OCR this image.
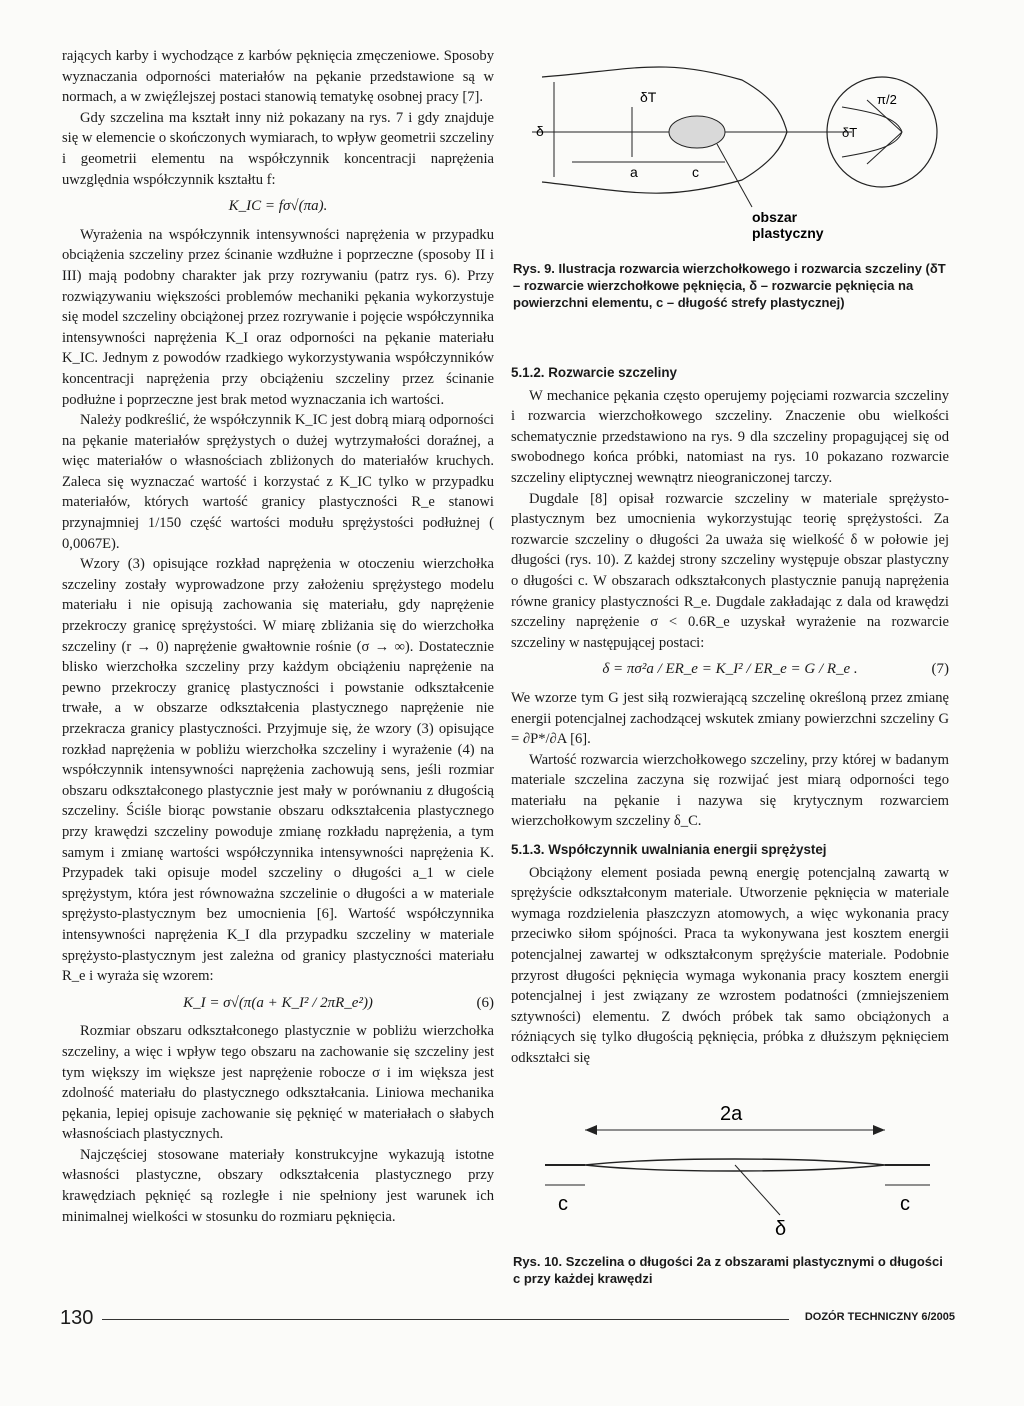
rających karby i wychodzące z karbów pęknięcia zmęczeniowe. Sposoby wyznaczania odporności materiałów na pękanie przedstawione są w normach, a w zwięźlejszej postaci stanowią tematykę osobnej pracy [7].

Gdy szczelina ma kształt inny niż pokazany na rys. 7 i gdy znajduje się w elemencie o skończonych wymiarach, to wpływ geometrii szczeliny i geometrii elementu na współczynnik koncentracji naprężenia uwzględnia współczynnik kształtu f:

K_IC = fσ√(πa).

Wyrażenia na współczynnik intensywności naprężenia w przypadku obciążenia szczeliny przez ścinanie wzdłużne i poprzeczne (sposoby II i III) mają podobny charakter jak przy rozrywaniu (patrz rys. 6). Przy rozwiązywaniu większości problemów mechaniki pękania wykorzystuje się model szczeliny obciążonej przez rozrywanie i pojęcie współczynnika intensywności naprężenia K_I oraz odporności na pękanie materiału K_IC. Jednym z powodów rzadkiego wykorzystywania współczynników koncentracji naprężenia przy obciążeniu szczeliny przez ścinanie podłużne i poprzeczne jest brak metod wyznaczania ich wartości.

Należy podkreślić, że współczynnik K_IC jest dobrą miarą odporności na pękanie materiałów sprężystych o dużej wytrzymałości doraźnej, a więc materiałów o własnościach zbliżonych do materiałów kruchych. Zaleca się wyznaczać wartość i korzystać z K_IC tylko w przypadku materiałów, których wartość granicy plastyczności R_e stanowi przynajmniej 1/150 część wartości modułu sprężystości podłużnej ( 0,0067E).

Wzory (3) opisujące rozkład naprężenia w otoczeniu wierzchołka szczeliny zostały wyprowadzone przy założeniu sprężystego modelu materiału i nie opisują zachowania się materiału, gdy naprężenie przekroczy granicę sprężystości. W miarę zbliżania się do wierzchołka szczeliny (r → 0) naprężenie gwałtownie rośnie (σ → ∞). Dostatecznie blisko wierzchołka szczeliny przy każdym obciążeniu naprężenie na pewno przekroczy granicę plastyczności i powstanie odkształcenie trwałe, a w obszarze odkształcenia plastycznego naprężenie nie przekracza granicy plastyczności. Przyjmuje się, że wzory (3) opisujące rozkład naprężenia w pobliżu wierzchołka szczeliny i wyrażenie (4) na współczynnik intensywności naprężenia zachowują sens, jeśli rozmiar obszaru odkształconego plastycznie jest mały w porównaniu z długością szczeliny. Ściśle biorąc powstanie obszaru odkształcenia plastycznego przy krawędzi szczeliny powoduje zmianę rozkładu naprężenia, a tym samym i zmianę wartości współczynnika intensywności naprężenia K. Przypadek taki opisuje model szczeliny o długości a_1 w ciele sprężystym, która jest równoważna szczelinie o długości a w materiale sprężysto-plastycznym bez umocnienia [6]. Wartość współczynnika intensywności naprężenia K_I dla przypadku szczeliny w materiale sprężysto-plastycznym jest zależna od granicy plastyczności materiału R_e i wyraża się wzorem:

K_I = σ√(π(a + K_I² / 2πR_e²))	(6)

Rozmiar obszaru odkształconego plastycznie w pobliżu wierzchołka szczeliny, a więc i wpływ tego obszaru na zachowanie się szczeliny jest tym większy im większe jest naprężenie robocze σ i im większa jest zdolność materiału do plastycznego odkształcania. Liniowa mechanika pękania, lepiej opisuje zachowanie się pęknięć w materiałach o słabych własnościach plastycznych.

Najczęściej stosowane materiały konstrukcyjne wykazują istotne własności plastyczne, obszary odkształcenia plastycznego przy krawędziach pęknięć są rozległe i nie spełniony jest warunek ich minimalnej wielkości w stosunku do rozmiaru pęknięcia.

δ
δT
a	c
π/2
δT
obszar
plastyczny
Rys. 9. Ilustracja rozwarcia wierzchołkowego i rozwarcia szczeliny (δT – rozwarcie wierzchołkowe pęknięcia, δ – rozwarcie pęknięcia na powierzchni elementu, c – długość strefy plastycznej)
5.1.2. Rozwarcie szczeliny

W mechanice pękania często operujemy pojęciami rozwarcia szczeliny i rozwarcia wierzchołkowego szczeliny. Znaczenie obu wielkości schematycznie przedstawiono na rys. 9 dla szczeliny propagującej się od swobodnego końca próbki, natomiast na rys. 10 pokazano rozwarcie szczeliny eliptycznej wewnątrz nieograniczonej tarczy.

Dugdale [8] opisał rozwarcie szczeliny w materiale sprężysto-plastycznym bez umocnienia wykorzystując teorię sprężystości. Za rozwarcie szczeliny o długości 2a uważa się wielkość δ w połowie jej długości (rys. 10). Z każdej strony szczeliny występuje obszar plastyczny o długości c. W obszarach odkształconych plastycznie panują naprężenia równe granicy plastyczności R_e. Dugdale zakładając z dala od krawędzi szczeliny naprężenie σ < 0.6R_e uzyskał wyrażenie na rozwarcie szczeliny w następującej postaci:

δ = πσ²a / ER_e = K_I² / ER_e = G / R_e .	(7)

We wzorze tym G jest siłą rozwierającą szczelinę określoną przez zmianę energii potencjalnej zachodzącej wskutek zmiany powierzchni szczeliny G = ∂P*/∂A [6].

Wartość rozwarcia wierzchołkowego szczeliny, przy której w badanym materiale szczelina zaczyna się rozwijać jest miarą odporności tego materiału na pękanie i nazywa się krytycznym rozwarciem wierzchołkowym szczeliny δ_C.

5.1.3. Współczynnik uwalniania energii sprężystej

Obciążony element posiada pewną energię potencjalną zawartą w sprężyście odkształconym materiale. Utworzenie pęknięcia w materiale wymaga rozdzielenia płaszczyzn atomowych, a więc wykonania pracy przeciwko siłom spójności. Praca ta wykonywana jest kosztem energii potencjalnej zawartej w odkształconym sprężyście materiale. Podobnie przyrost długości pęknięcia wymaga wykonania pracy kosztem energii potencjalnej i jest związany ze wzrostem podatności (zmniejszeniem sztywności) elementu. Z dwóch próbek tak samo obciążonych a różniących się tylko długością pęknięcia, próbka z dłuższym pęknięciem odkształci się

2a
c	c
δ
Rys. 10. Szczelina o długości 2a z obszarami plastycznymi o długości c przy każdej krawędzi
130	DOZÓR TECHNICZNY 6/2005
